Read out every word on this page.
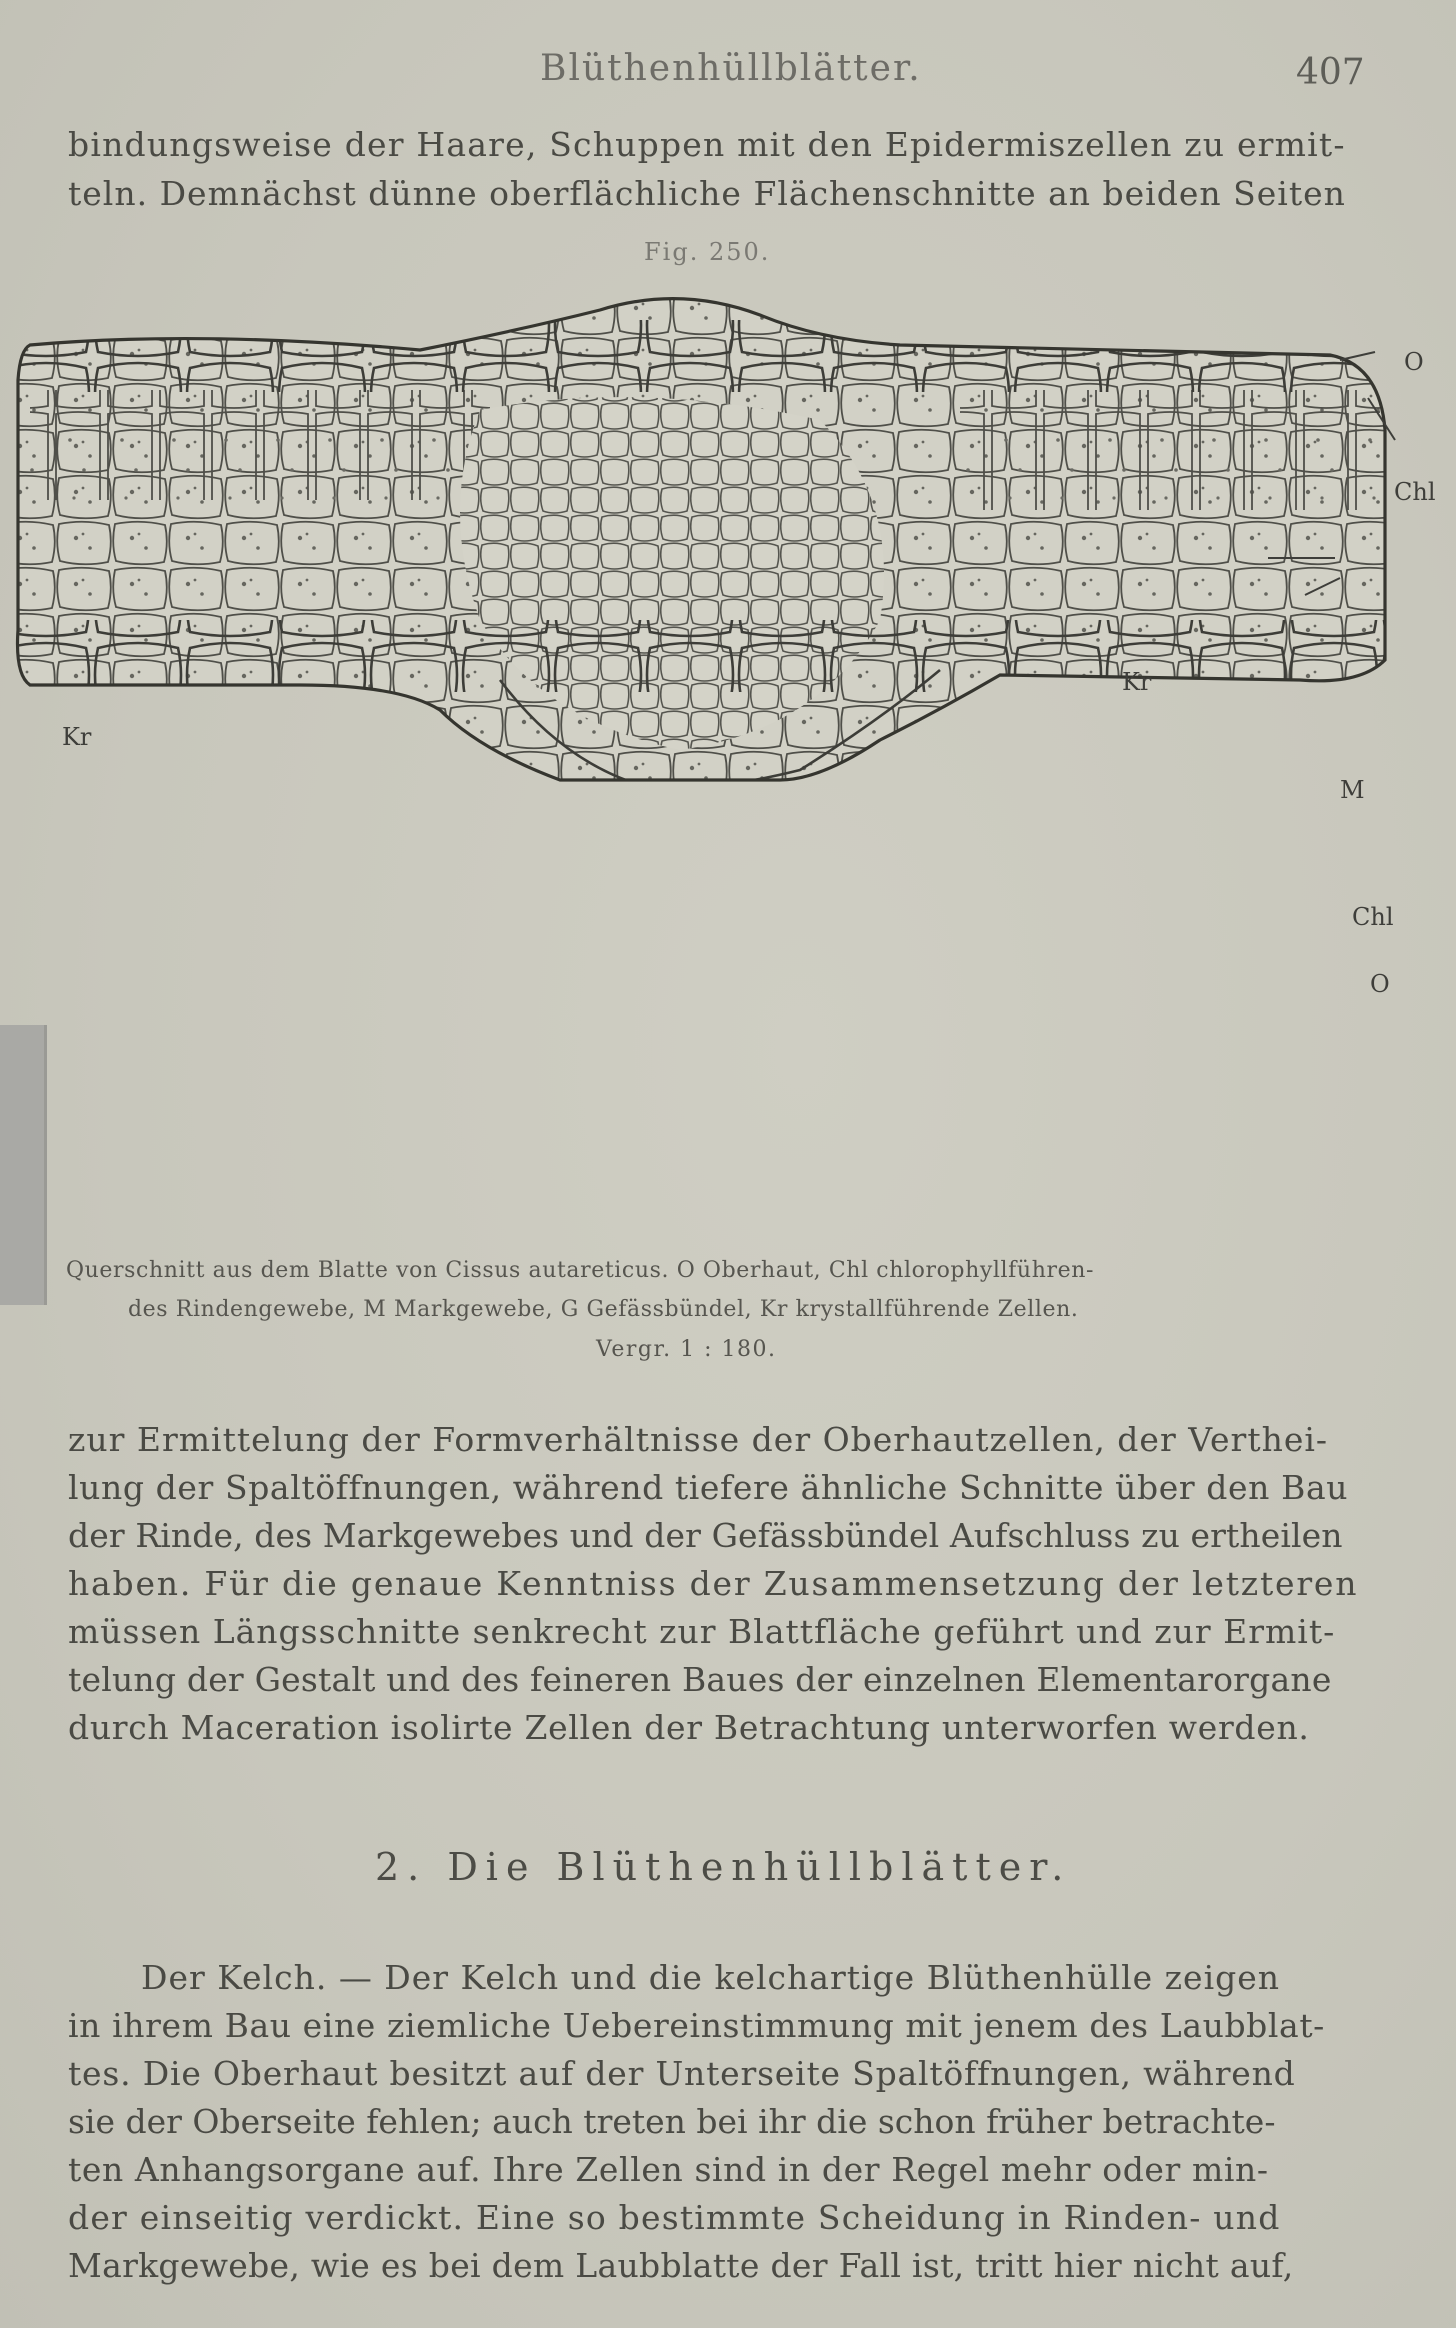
Blüthenhüllblätter.	407
bindungsweise der Haare, Schuppen mit den Epidermiszellen zu ermit-
teln. Demnächst dünne oberflächliche Flächenschnitte an beiden Seiten
Fig. 250.
O
Chl
Kr
Kr
M
Chl
O
Querschnitt aus dem Blatte von Cissus autareticus. O Oberhaut, Chl chlorophyllführen-
des Rindengewebe, M Markgewebe, G Gefässbündel, Kr krystallführende Zellen.
Vergr. 1 : 180.
zur Ermittelung der Formverhältnisse der Oberhautzellen, der Verthei-
lung der Spaltöffnungen, während tiefere ähnliche Schnitte über den Bau
der Rinde, des Markgewebes und der Gefässbündel Aufschluss zu ertheilen
haben. Für die genaue Kenntniss der Zusammensetzung der letzteren
müssen Längsschnitte senkrecht zur Blattfläche geführt und zur Ermit-
telung der Gestalt und des feineren Baues der einzelnen Elementarorgane
durch Maceration isolirte Zellen der Betrachtung unterworfen werden.
2. Die Blüthenhüllblätter.
Der Kelch. — Der Kelch und die kelchartige Blüthenhülle zeigen
in ihrem Bau eine ziemliche Uebereinstimmung mit jenem des Laubblat-
tes. Die Oberhaut besitzt auf der Unterseite Spaltöffnungen, während
sie der Oberseite fehlen; auch treten bei ihr die schon früher betrachte-
ten Anhangsorgane auf. Ihre Zellen sind in der Regel mehr oder min-
der einseitig verdickt. Eine so bestimmte Scheidung in Rinden- und
Markgewebe, wie es bei dem Laubblatte der Fall ist, tritt hier nicht auf,
